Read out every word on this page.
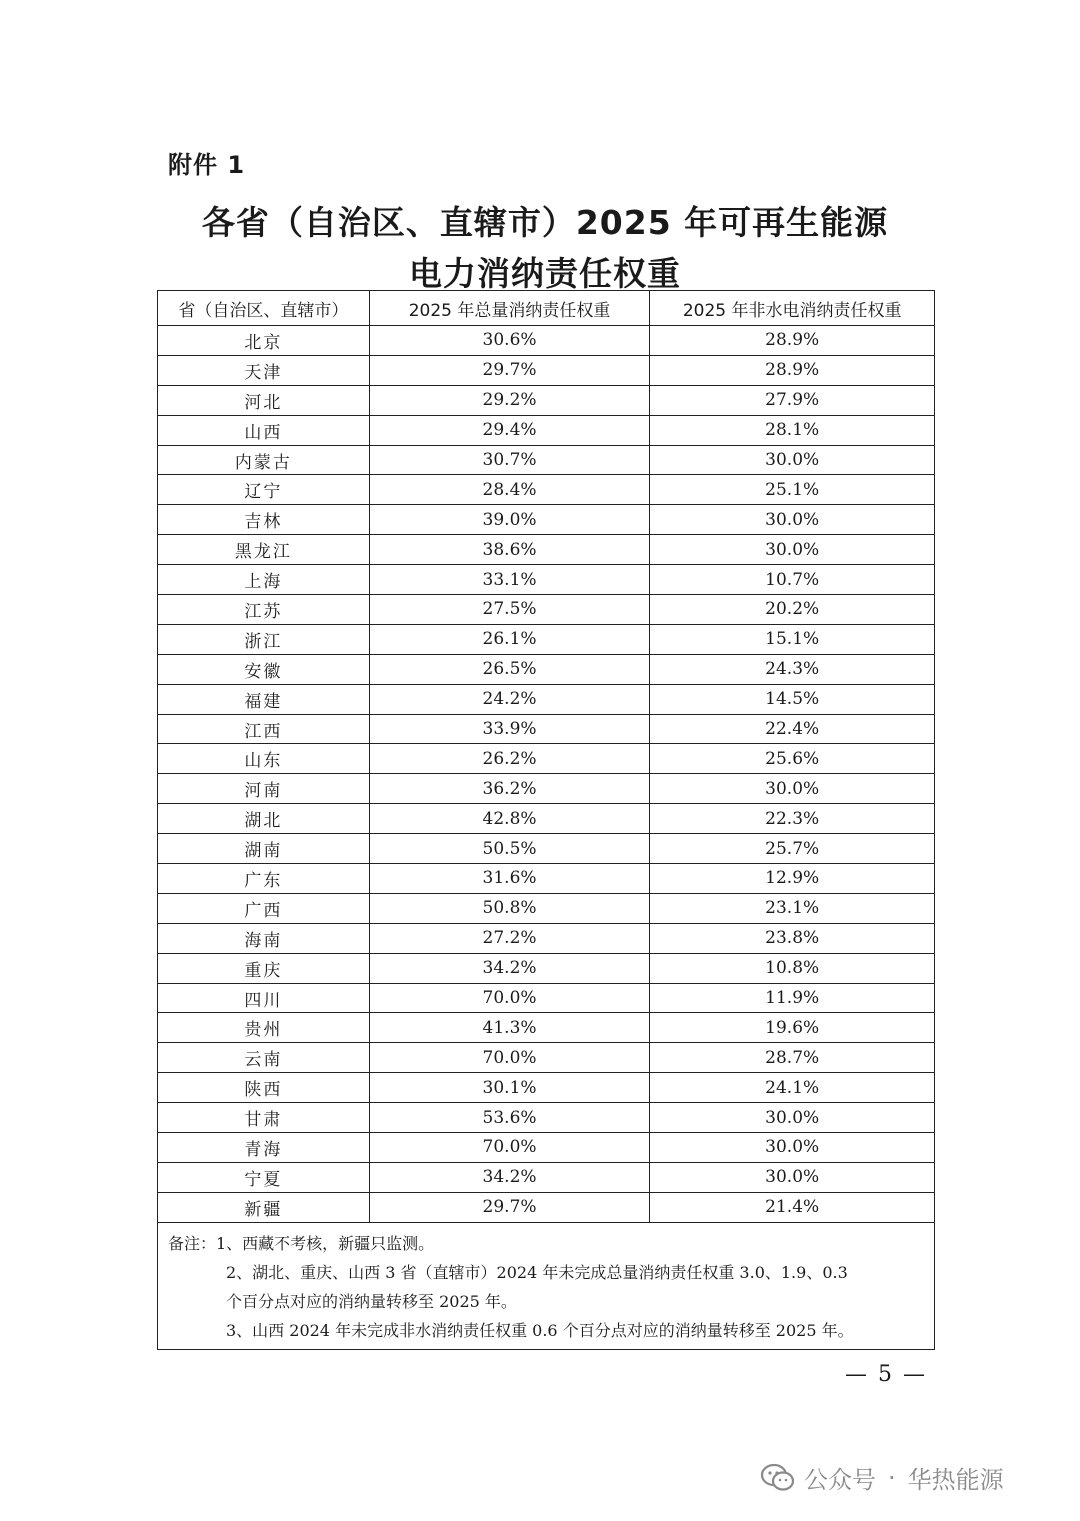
附件 1
各省（自治区、直辖市）2025 年可再生能源
电力消纳责任权重
省（自治区、直辖市）	2025 年总量消纳责任权重	2025 年非水电消纳责任权重
北京	30.6%	28.9%
天津	29.7%	28.9%
河北	29.2%	27.9%
山西	29.4%	28.1%
内蒙古	30.7%	30.0%
辽宁	28.4%	25.1%
吉林	39.0%	30.0%
黑龙江	38.6%	30.0%
上海	33.1%	10.7%
江苏	27.5%	20.2%
浙江	26.1%	15.1%
安徽	26.5%	24.3%
福建	24.2%	14.5%
江西	33.9%	22.4%
山东	26.2%	25.6%
河南	36.2%	30.0%
湖北	42.8%	22.3%
湖南	50.5%	25.7%
广东	31.6%	12.9%
广西	50.8%	23.1%
海南	27.2%	23.8%
重庆	34.2%	10.8%
四川	70.0%	11.9%
贵州	41.3%	19.6%
云南	70.0%	28.7%
陕西	30.1%	24.1%
甘肃	53.6%	30.0%
青海	70.0%	30.0%
宁夏	34.2%	30.0%
新疆	29.7%	21.4%

备注：1、西藏不考核，新疆只监测。
2、湖北、重庆、山西 3 省（直辖市）2024 年未完成总量消纳责任权重 3.0、1.9、0.3
个百分点对应的消纳量转移至 2025 年。
3、山西 2024 年未完成非水消纳责任权重 0.6 个百分点对应的消纳量转移至 2025 年。		
— 5 —
公众号 · 华热能源
